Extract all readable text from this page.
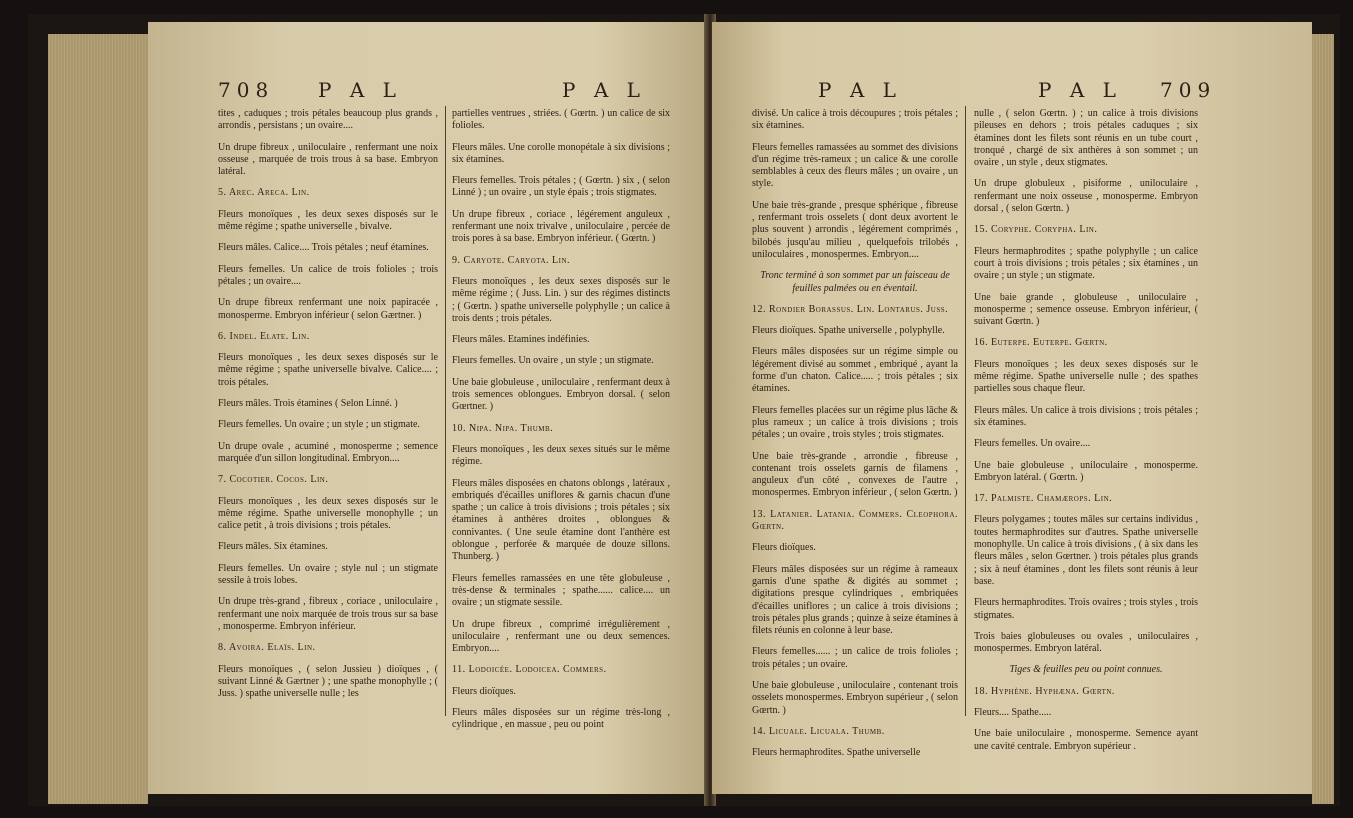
708 P A L	P A L

tites , caduques ; trois pétales beaucoup plus grands , arrondis , persistans ; un ovaire....

Un drupe fibreux , uniloculaire , renfermant une noix osseuse , marquée de trois trous à sa base. Embryon latéral.

5. Arec. Areca. Lin.

Fleurs monoïques , les deux sexes disposés sur le même régime ; spathe universelle , bivalve.

Fleurs mâles. Calice.... Trois pétales ; neuf étamines.

Fleurs femelles. Un calice de trois folioles ; trois pétales ; un ovaire....

Un drupe fibreux renfermant une noix papiracée , monosperme. Embryon inférieur ( selon Gærtner. )

6. Indel. Elate. Lin.

Fleurs monoïques , les deux sexes disposés sur le même régime ; spathe universelle bivalve. Calice.... ; trois pétales.

Fleurs mâles. Trois étamines ( Selon Linné. )

Fleurs femelles. Un ovaire ; un style ; un stigmate.

Un drupe ovale , acuminé , monosperme ; semence marquée d'un sillon longitudinal. Embryon....

7. Cocotier. Cocos. Lin.

Fleurs monoïques , les deux sexes disposés sur le même régime. Spathe universelle monophylle ; un calice petit , à trois divisions ; trois pétales.

Fleurs mâles. Six étamines.

Fleurs femelles. Un ovaire ; style nul ; un stigmate sessile à trois lobes.

Un drupe très-grand , fibreux , coriace , uniloculaire , renfermant une noix marquée de trois trous sur sa base , monosperme. Embryon inférieur.

8. Avoira. Elaïs. Lin.

Fleurs monoïques , ( selon Jussieu ) dioïques , ( suivant Linné & Gærtner ) ; une spathe monophylle ; ( Juss. ) spathe universelle nulle ; les

partielles ventrues , striées. ( Gœrtn. ) un calice de six folioles.

Fleurs mâles. Une corolle monopétale à six divisions ; six étamines.

Fleurs femelles. Trois pétales ; ( Gœrtn. ) six , ( selon Linné ) ; un ovaire , un style épais ; trois stigmates.

Un drupe fibreux , coriace , légérement anguleux , renfermant une noix trivalve , uniloculaire , percée de trois pores à sa base. Embryon inférieur. ( Gœrtn. )

9. Caryote. Caryota. Lin.

Fleurs monoïques , les deux sexes disposés sur le même régime ; ( Juss. Lin. ) sur des régimes distincts ; ( Gœrtn. ) spathe universelle polyphylle ; un calice à trois dents ; trois pétales.

Fleurs mâles. Etamines indéfinies.

Fleurs femelles. Un ovaire , un style ; un stigmate.

Une baie globuleuse , uniloculaire , renfermant deux à trois semences oblongues. Embryon dorsal. ( selon Gœrtner. )

10. Nipa. Nipa. Thumb.

Fleurs monoïques , les deux sexes situés sur le même régime.

Fleurs mâles disposées en chatons oblongs , latéraux , embriqués d'écailles uniflores & garnis chacun d'une spathe ; un calice à trois divisions ; trois pétales ; six étamines à anthères droites , oblongues & connivantes. ( Une seule étamine dont l'anthère est oblongue , perforée & marquée de douze sillons. Thunberg. )

Fleurs femelles ramassées en une tête globuleuse , très-dense & terminales ; spathe...... calice.... un ovaire ; un stigmate sessile.

Un drupe fibreux , comprimé irrégulièrement , uniloculaire , renfermant une ou deux semences. Embryon....

11. Lodoicée. Lodoicea. Commers.

Fleurs dioïques.

Fleurs mâles disposées sur un régime très-long , cylindrique , en massue , peu ou point

P A L	P A L 709

divisé. Un calice à trois découpures ; trois pétales ; six étamines.

Fleurs femelles ramassées au sommet des divisions d'un régime très-rameux ; un calice & une corolle semblables à ceux des fleurs mâles ; un ovaire , un style.

Une baie très-grande , presque sphérique , fibreuse , renfermant trois osselets ( dont deux avortent le plus souvent ) arrondis , légérement comprimés , bilobés jusqu'au milieu , quelquefois trilobés , uniloculaires , monospermes. Embryon....

Tronc terminé à son sommet par un faisceau de feuilles palmées ou en éventail.

12. Rondier Borassus. Lin. Lontarus. Juss.

Fleurs dioïques. Spathe universelle , polyphylle.

Fleurs mâles disposées sur un régime simple ou légérement divisé au sommet , embriqué , ayant la forme d'un chaton. Calice..... ; trois pétales ; six étamines.

Fleurs femelles placées sur un régime plus lâche & plus rameux ; un calice à trois divisions ; trois pétales ; un ovaire , trois styles ; trois stigmates.

Une baie très-grande , arrondie , fibreuse , contenant trois osselets garnis de filamens , anguleux d'un côté , convexes de l'autre , monospermes. Embryon inférieur , ( selon Gœrtn. )

13. Latanier. Latania. Commers. Cleophora. Gœrtn.

Fleurs dioïques.

Fleurs mâles disposées sur un régime à rameaux garnis d'une spathe & digités au sommet ; digitations presque cylindriques , embriquées d'écailles uniflores ; un calice à trois divisions ; trois pétales plus grands ; quinze à seize étamines à filets réunis en colonne à leur base.

Fleurs femelles...... ; un calice de trois folioles ; trois pétales ; un ovaire.

Une baie globuleuse , uniloculaire , contenant trois osselets monospermes. Embryon supérieur , ( selon Gœrtn. )

14. Licuale. Licuala. Thumb.

Fleurs hermaphrodites. Spathe universelle

nulle , ( selon Gœrtn. ) ; un calice à trois divisions pileuses en dehors ; trois pétales caduques ; six étamines dont les filets sont réunis en un tube court , tronqué , chargé de six anthères à son sommet ; un ovaire , un style , deux stigmates.

Un drupe globuleux , pisiforme , uniloculaire , renfermant une noix osseuse , monosperme. Embryon dorsal , ( selon Gœrtn. )

15. Coryphe. Corypha. Lin.

Fleurs hermaphrodites ; spathe polyphylle ; un calice court à trois divisions ; trois pétales ; six étamines , un ovaire ; un style ; un stigmate.

Une baie grande , globuleuse , uniloculaire , monosperme ; semence osseuse. Embryon inférieur, ( suivant Gœrtn. )

16. Euterpe. Euterpe. Gœrtn.

Fleurs monoïques ; les deux sexes disposés sur le même régime. Spathe universelle nulle ; des spathes partielles sous chaque fleur.

Fleurs mâles. Un calice à trois divisions ; trois pétales ; six étamines.

Fleurs femelles. Un ovaire....

Une baie globuleuse , uniloculaire , monosperme. Embryon latéral. ( Gœrtn. )

17. Palmiste. Chamærops. Lin.

Fleurs polygames ; toutes mâles sur certains individus , toutes hermaphrodites sur d'autres. Spathe universelle monophylle. Un calice à trois divisions , ( à six dans les fleurs mâles , selon Gœrtner. ) trois pétales plus grands ; six à neuf étamines , dont les filets sont réunis à leur base.

Fleurs hermaphrodites. Trois ovaires ; trois styles , trois stigmates.

Trois baies globuleuses ou ovales , uniloculaires , monospermes. Embryon latéral.

Tiges & feuilles peu ou point connues.

18. Hyphène. Hyphæna. Gœrtn.

Fleurs.... Spathe.....

Une baie uniloculaire , monosperme. Semence ayant une cavité centrale. Embryon supérieur .
